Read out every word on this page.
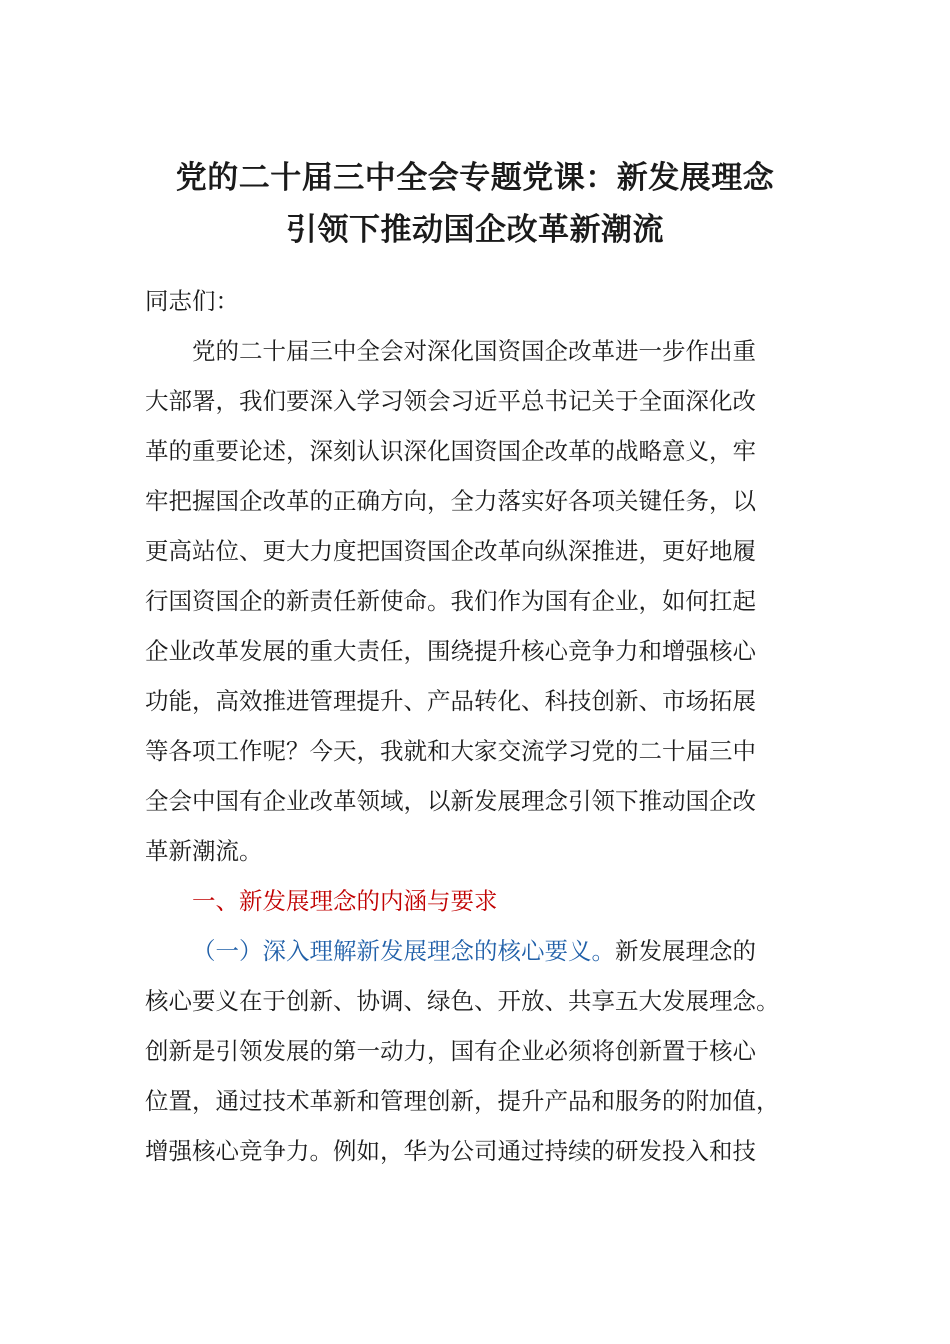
党的二十届三中全会专题党课：新发展理念
引领下推动国企改革新潮流
同志们：
党的二十届三中全会对深化国资国企改革进一步作出重
大部署，我们要深入学习领会习近平总书记关于全面深化改
革的重要论述，深刻认识深化国资国企改革的战略意义，牢
牢把握国企改革的正确方向，全力落实好各项关键任务，以
更高站位、更大力度把国资国企改革向纵深推进，更好地履
行国资国企的新责任新使命。我们作为国有企业，如何扛起
企业改革发展的重大责任，围绕提升核心竞争力和增强核心
功能，高效推进管理提升、产品转化、科技创新、市场拓展
等各项工作呢？今天，我就和大家交流学习党的二十届三中
全会中国有企业改革领域，以新发展理念引领下推动国企改
革新潮流。
一、新发展理念的内涵与要求
（一）深入理解新发展理念的核心要义。新发展理念的
核心要义在于创新、协调、绿色、开放、共享五大发展理念。
创新是引领发展的第一动力，国有企业必须将创新置于核心
位置，通过技术革新和管理创新，提升产品和服务的附加值，
增强核心竞争力。例如，华为公司通过持续的研发投入和技
